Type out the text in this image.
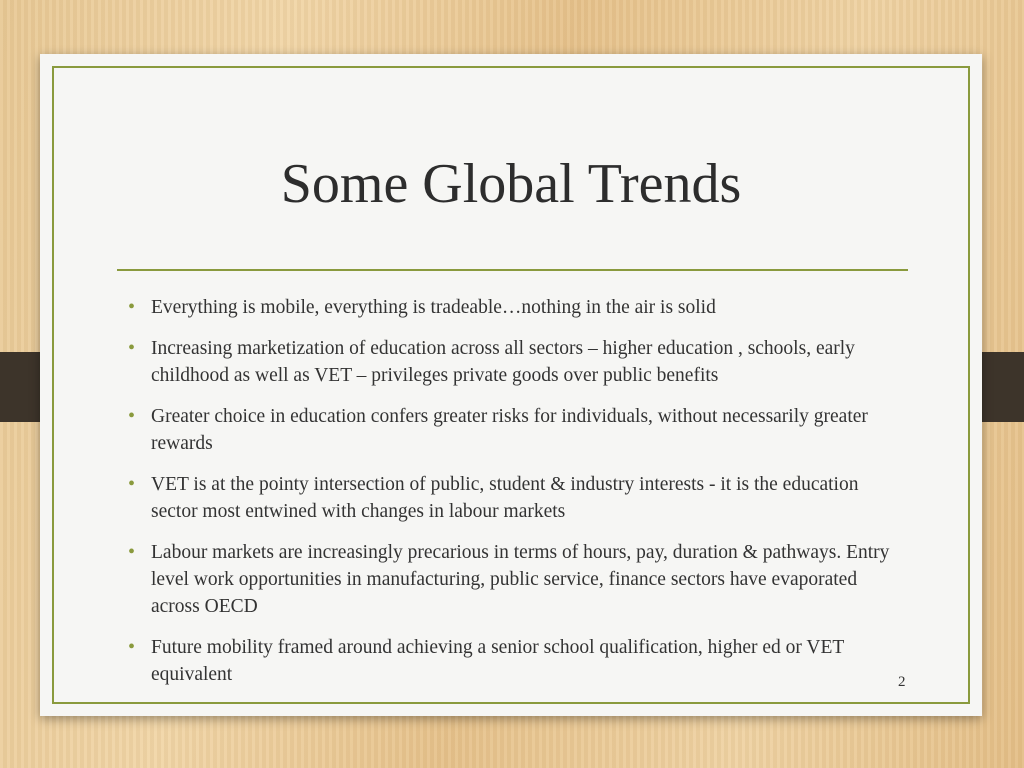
Some Global Trends
• Everything is mobile, everything is tradeable…nothing in the air is solid
• Increasing marketization of education across all sectors – higher education , schools, early childhood as well as VET – privileges private goods over public benefits
• Greater choice in education confers greater risks for individuals, without necessarily greater rewards
• VET is at the pointy intersection of public, student & industry interests - it is the education sector most entwined with changes in labour markets
• Labour markets are increasingly precarious in terms of hours, pay, duration & pathways. Entry level work opportunities in manufacturing, public service, finance sectors have evaporated across OECD
• Future mobility framed around achieving a senior school qualification, higher ed or VET equivalent	2
